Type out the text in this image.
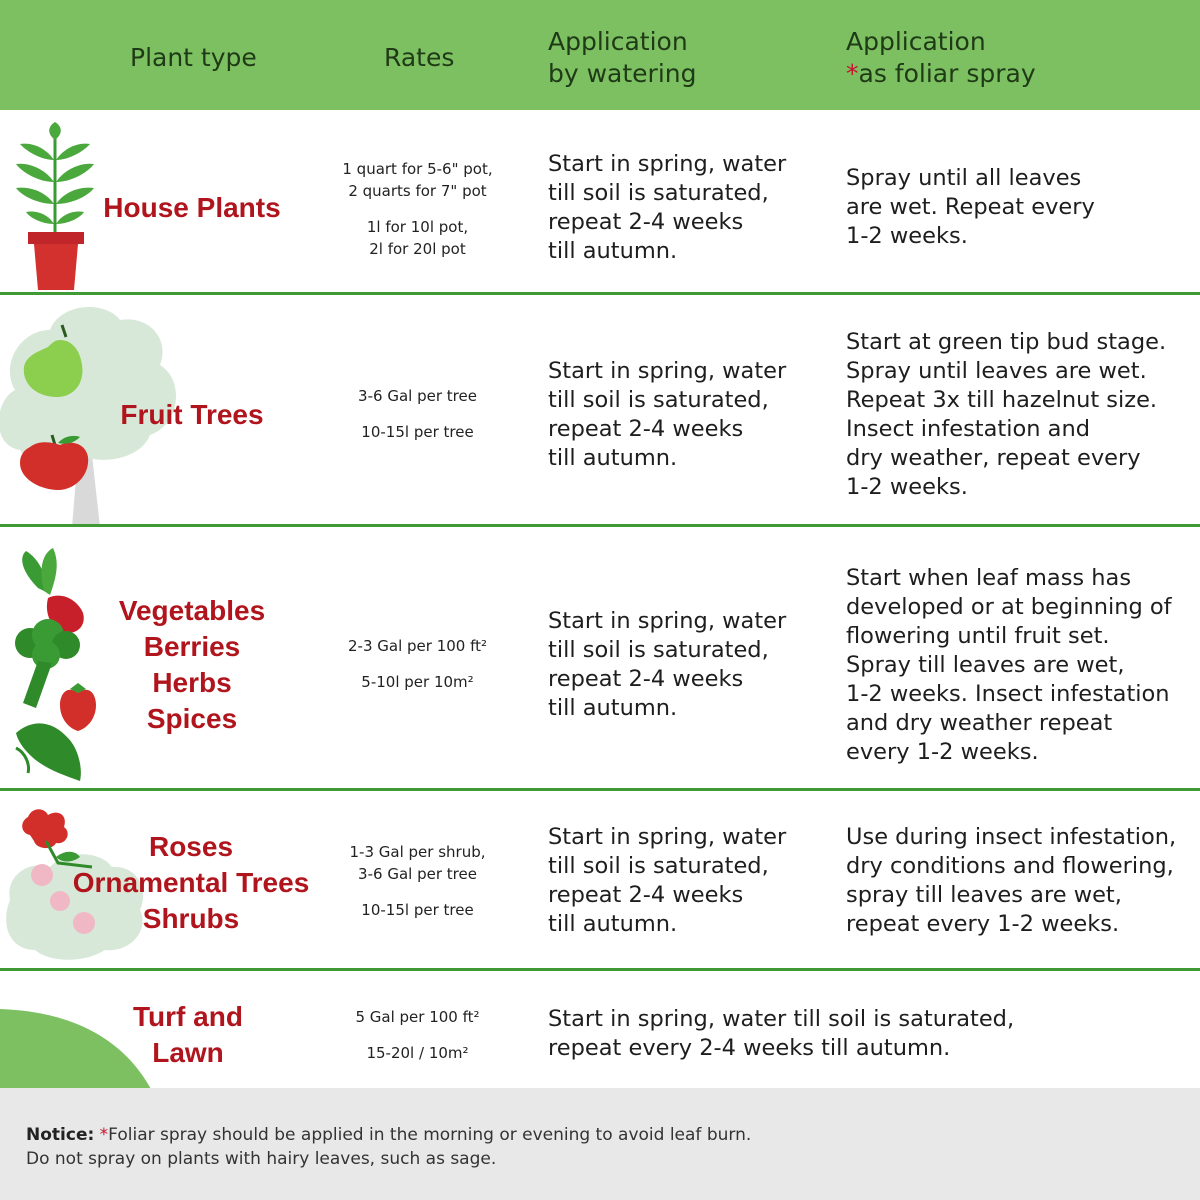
Plant type	Rates
Application
by watering
Application
*as foliar spray
House Plants

1 quart for 5-6" pot,

2 quarts for 7" pot

1l for 10l pot,

2l for 20l pot

Start in spring, water
till soil is saturated,
repeat 2-4 weeks
till autumn.
Spray until all leaves
are wet. Repeat every
1-2 weeks.
Fruit Trees

3-6 Gal per tree

10-15l per tree

Start in spring, water
till soil is saturated,
repeat 2-4 weeks
till autumn.
Start at green tip bud stage.
Spray until leaves are wet.
Repeat 3x till hazelnut size.
Insect infestation and
dry weather, repeat every
1-2 weeks.
Vegetables
Berries
Herbs
Spices

2-3 Gal per 100 ft²

5-10l per 10m²

Start in spring, water
till soil is saturated,
repeat 2-4 weeks
till autumn.
Start when leaf mass has
developed or at beginning of
flowering until fruit set.
Spray till leaves are wet,
1-2 weeks. Insect infestation
and dry weather repeat
every 1-2 weeks.
Roses
Ornamental Trees
Shrubs

1-3 Gal per shrub,

3-6 Gal per tree

10-15l per tree

Start in spring, water
till soil is saturated,
repeat 2-4 weeks
till autumn.
Use during insect infestation,
dry conditions and flowering,
spray till leaves are wet,
repeat every 1-2 weeks.
Turf and
Lawn

5 Gal per 100 ft²

15-20l / 10m²

Start in spring, water till soil is saturated,
repeat every 2-4 weeks till autumn.
Notice: *Foliar spray should be applied in the morning or evening to avoid leaf burn.
Do not spray on plants with hairy leaves, such as sage.
